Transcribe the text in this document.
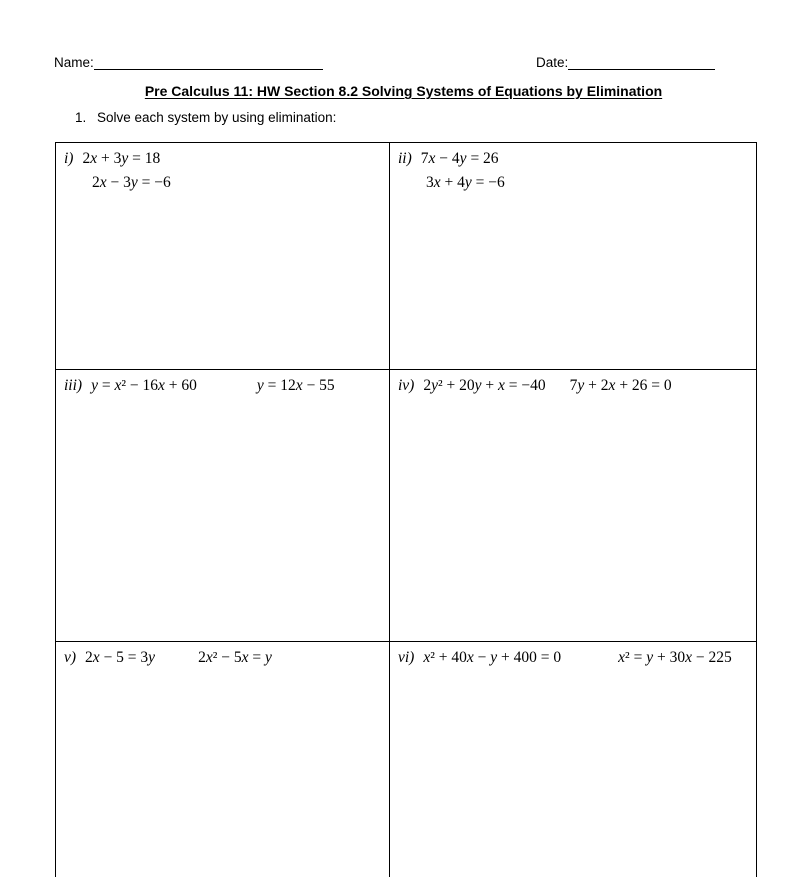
Name:	Date:
Pre Calculus 11: HW Section 8.2 Solving Systems of Equations by Elimination
1. Solve each system by using elimination:
i) 2x + 3y = 18
2x − 3y = −6
ii) 7x − 4y = 26
3x + 4y = −6
iii) y = x² − 16x + 60	y = 12x − 55	iv) 2y² + 20y + x = −40 7y + 2x + 26 = 0
v) 2x − 5 = 3y	2x² − 5x = y	vi) x² + 40x − y + 400 = 0	x² = y + 30x − 225
